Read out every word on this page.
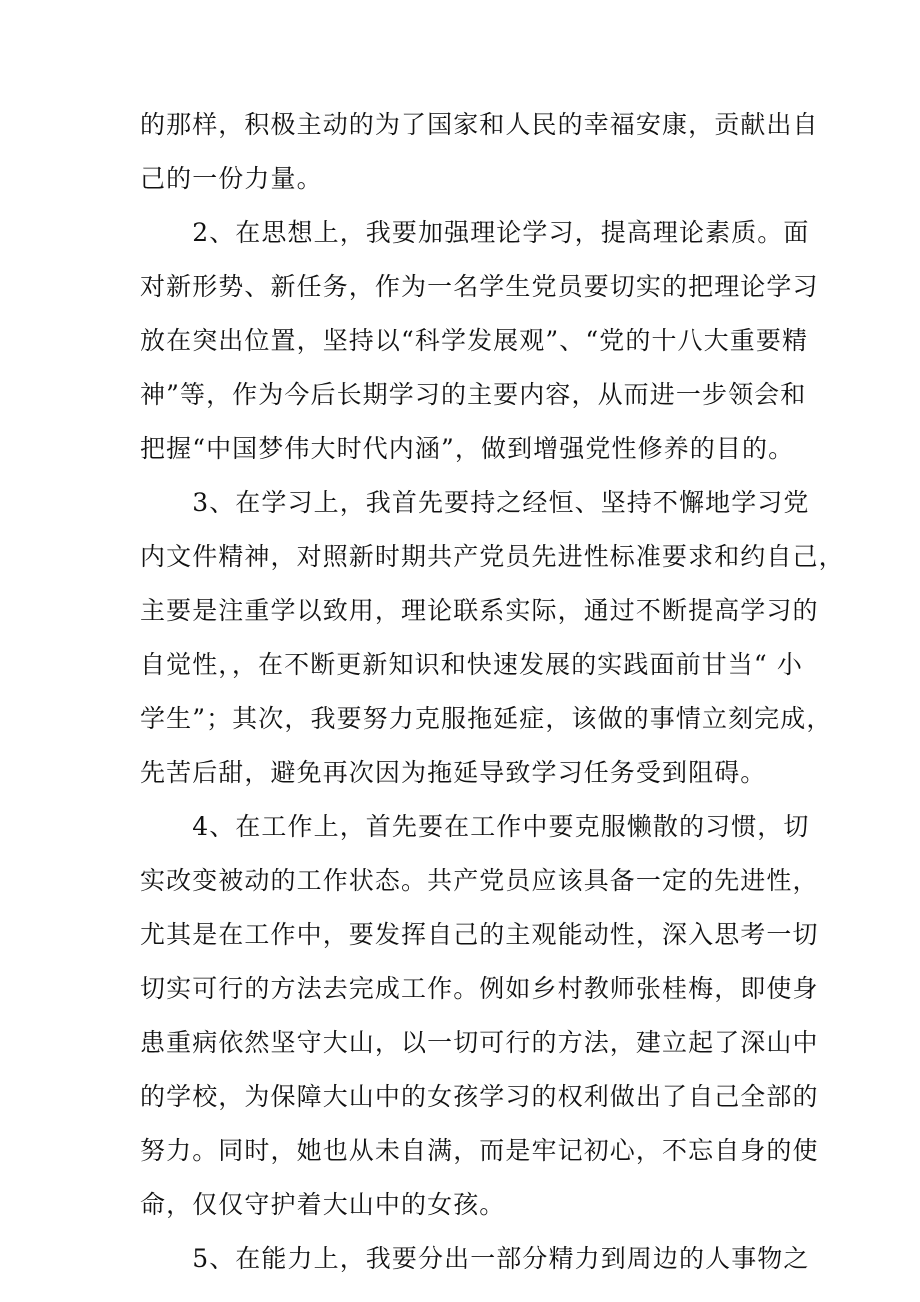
的那样，积极主动的为了国家和人民的幸福安康，贡献出自
己的一份力量。
　　2、在思想上，我要加强理论学习，提高理论素质。面
对新形势、新任务，作为一名学生党员要切实的把理论学习
放在突出位置，坚持以“科学发展观”、“党的十八大重要精
神”等，作为今后长期学习的主要内容，从而进一步领会和
把握“中国梦伟大时代内涵”，做到增强党性修养的目的。
　　3、在学习上，我首先要持之经恒、坚持不懈地学习党
内文件精神，对照新时期共产党员先进性标准要求和约自己，
主要是注重学以致用，理论联系实际，通过不断提高学习的
自觉性，，在不断更新知识和快速发展的实践面前甘当“ 小
学生”；其次，我要努力克服拖延症，该做的事情立刻完成，
先苦后甜，避免再次因为拖延导致学习任务受到阻碍。
　　4、在工作上，首先要在工作中要克服懒散的习惯，切
实改变被动的工作状态。共产党员应该具备一定的先进性，
尤其是在工作中，要发挥自己的主观能动性，深入思考一切
切实可行的方法去完成工作。例如乡村教师张桂梅，即使身
患重病依然坚守大山，以一切可行的方法，建立起了深山中
的学校，为保障大山中的女孩学习的权利做出了自己全部的
努力。同时，她也从未自满，而是牢记初心，不忘自身的使
命，仅仅守护着大山中的女孩。
　　5、在能力上，我要分出一部分精力到周边的人事物之
